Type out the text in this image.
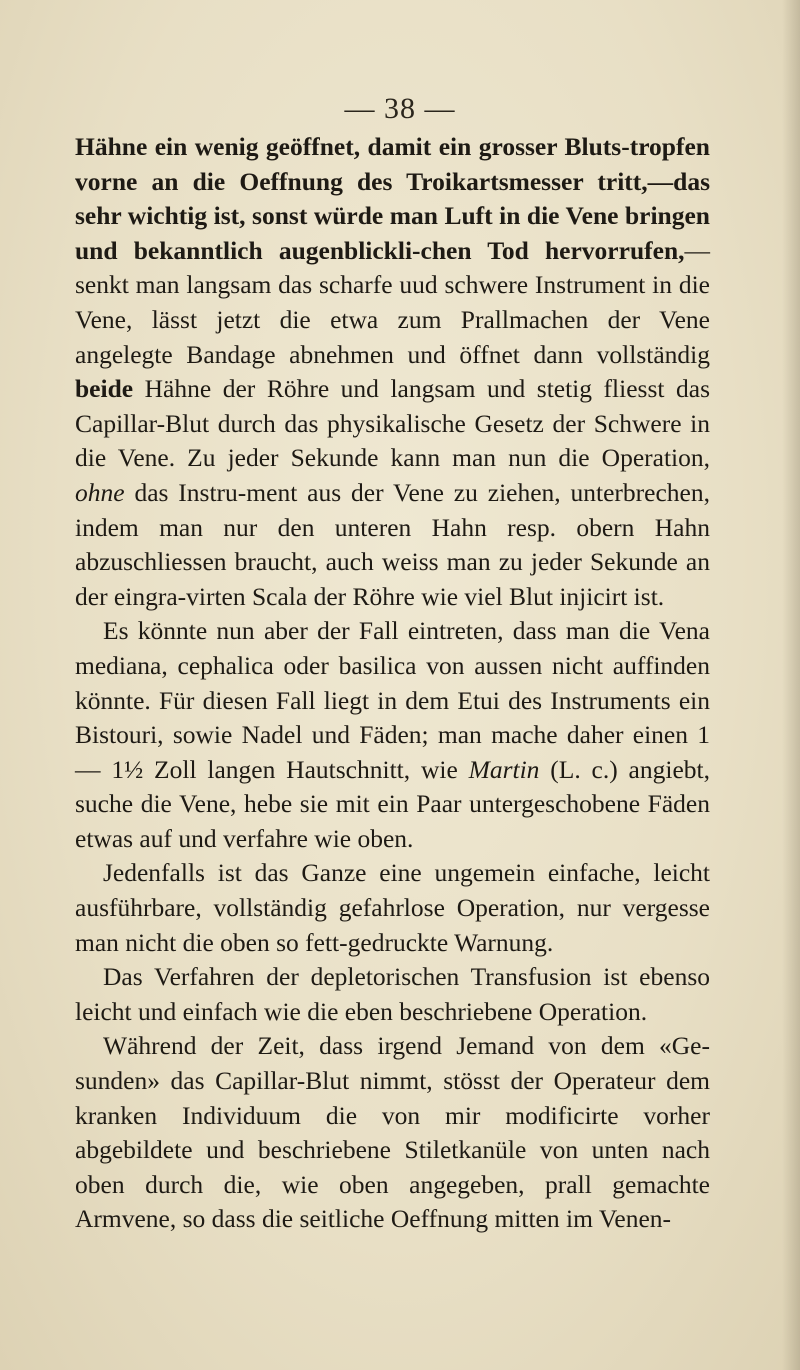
— 38 —

Hähne ein wenig geöffnet, damit ein grosser Bluts-tropfen vorne an die Oeffnung des Troikartsmesser tritt,—das sehr wichtig ist, sonst würde man Luft in die Vene bringen und bekanntlich augenblickli-chen Tod hervorrufen,—senkt man langsam das scharfe uud schwere Instrument in die Vene, lässt jetzt die etwa zum Prallmachen der Vene angelegte Bandage abnehmen und öffnet dann vollständig beide Hähne der Röhre und langsam und stetig fliesst das Capillar-Blut durch das physikalische Gesetz der Schwere in die Vene. Zu jeder Sekunde kann man nun die Operation, ohne das Instru-ment aus der Vene zu ziehen, unterbrechen, indem man nur den unteren Hahn resp. obern Hahn abzuschliessen braucht, auch weiss man zu jeder Sekunde an der eingra-virten Scala der Röhre wie viel Blut injicirt ist.

Es könnte nun aber der Fall eintreten, dass man die Vena mediana, cephalica oder basilica von aussen nicht auffinden könnte. Für diesen Fall liegt in dem Etui des Instruments ein Bistouri, sowie Nadel und Fäden; man mache daher einen 1 — 1½ Zoll langen Hautschnitt, wie Martin (L. c.) angiebt, suche die Vene, hebe sie mit ein Paar untergeschobene Fäden etwas auf und verfahre wie oben.

Jedenfalls ist das Ganze eine ungemein einfache, leicht ausführbare, vollständig gefahrlose Operation, nur vergesse man nicht die oben so fett-gedruckte Warnung.

Das Verfahren der depletorischen Transfusion ist ebenso leicht und einfach wie die eben beschriebene Operation.

Während der Zeit, dass irgend Jemand von dem «Ge-sunden» das Capillar-Blut nimmt, stösst der Operateur dem kranken Individuum die von mir modificirte vorher abgebildete und beschriebene Stiletkanüle von unten nach oben durch die, wie oben angegeben, prall gemachte Armvene, so dass die seitliche Oeffnung mitten im Venen-
